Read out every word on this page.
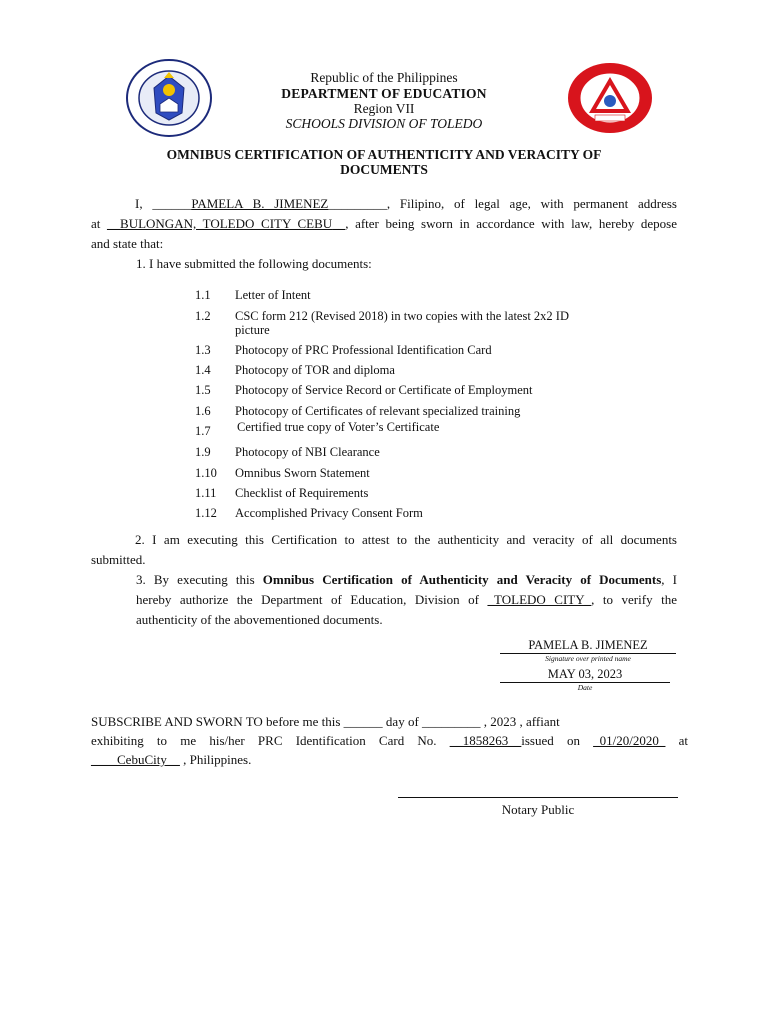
Republic of the Philippines
DEPARTMENT OF EDUCATION
Region VII
SCHOOLS DIVISION OF TOLEDO
OMNIBUS CERTIFICATION OF AUTHENTICITY AND VERACITY OF
DOCUMENTS
I, ______PAMELA B. JIMENEZ_________, Filipino, of legal age, with permanent address
at __BULONGAN, TOLEDO CITY CEBU__, after being sworn in accordance with law, hereby depose
and state that:
1. I have submitted the following documents:
1.1 Letter of Intent
1.2 CSC form 212 (Revised 2018) in two copies with the latest 2x2 ID
picture
1.3 Photocopy of PRC Professional Identification Card
1.4 Photocopy of TOR and diploma
1.5 Photocopy of Service Record or Certificate of Employment
1.6 Photocopy of Certificates of relevant specialized training
1.7 Certified true copy of Voter’s Certificate
1.9 Photocopy of NBI Clearance
1.10 Omnibus Sworn Statement
1.11 Checklist of Requirements
1.12 Accomplished Privacy Consent Form
2. I am executing this Certification to attest to the authenticity and veracity of all documents
submitted.
3. By executing this Omnibus Certification of Authenticity and Veracity of Documents, I
hereby authorize the Department of Education, Division of _TOLEDO CITY_, to verify the
authenticity of the abovementioned documents.
PAMELA B. JIMENEZ
Signature over printed name
MAY 03, 2023
Date
SUBSCRIBE AND SWORN TO before me this ______ day of _________ , 2023 , affiant
exhibiting to me his/her PRC Identification Card No. __1858263__issued on _01/20/2020_ at
____CebuCity__ , Philippines.
Notary Public
